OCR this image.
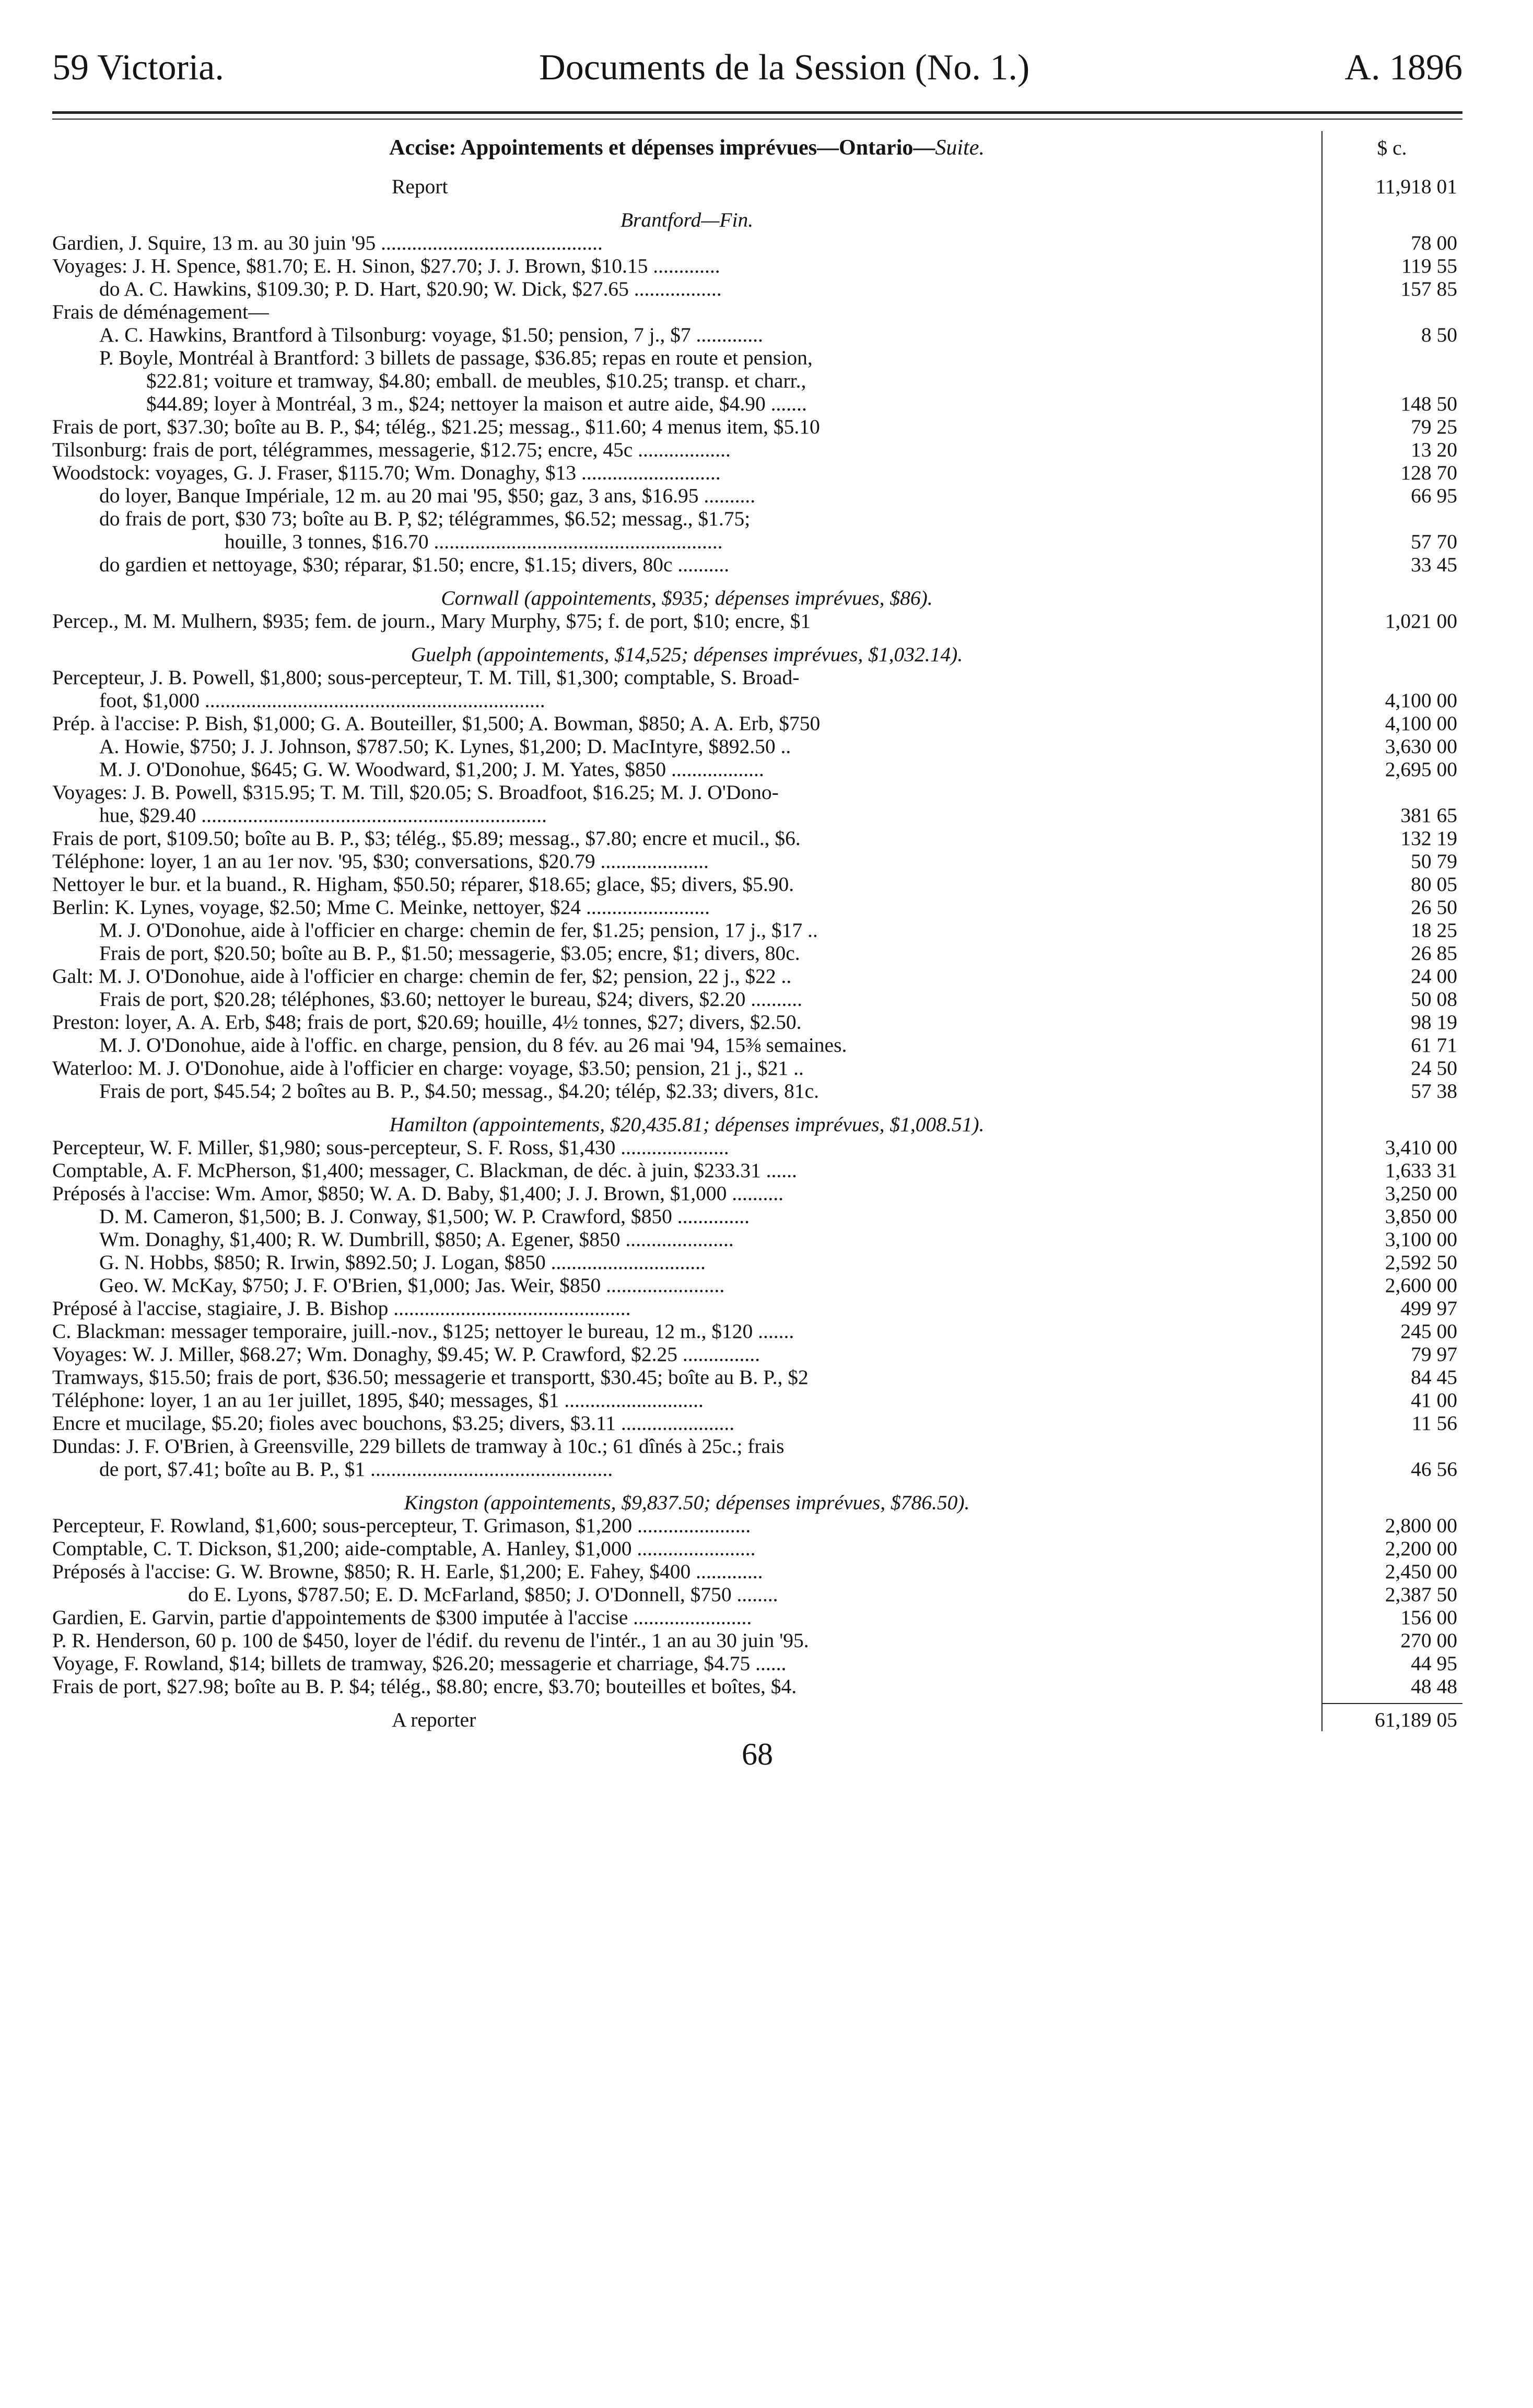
59 Victoria.	Documents de la Session (No. 1.)	A. 1896
Accise: Appointements et dépenses imprévues—Ontario—Suite.	$ c.
Report	11,918 01
Brantford—Fin.
Gardien, J. Squire, 13 m. au 30 juin '95 ...........................................	78 00
Voyages: J. H. Spence, $81.70; E. H. Sinon, $27.70; J. J. Brown, $10.15 .............	119 55
do A. C. Hawkins, $109.30; P. D. Hart, $20.90; W. Dick, $27.65 .................	157 85
Frais de déménagement—
A. C. Hawkins, Brantford à Tilsonburg: voyage, $1.50; pension, 7 j., $7 .............	8 50
P. Boyle, Montréal à Brantford: 3 billets de passage, $36.85; repas en route et pension,
$22.81; voiture et tramway, $4.80; emball. de meubles, $10.25; transp. et charr.,
$44.89; loyer à Montréal, 3 m., $24; nettoyer la maison et autre aide, $4.90 .......	148 50
Frais de port, $37.30; boîte au B. P., $4; télég., $21.25; messag., $11.60; 4 menus item, $5.10	79 25
Tilsonburg: frais de port, télégrammes, messagerie, $12.75; encre, 45c ..................	13 20
Woodstock: voyages, G. J. Fraser, $115.70; Wm. Donaghy, $13 ...........................	128 70
do loyer, Banque Impériale, 12 m. au 20 mai '95, $50; gaz, 3 ans, $16.95 ..........	66 95
do frais de port, $30 73; boîte au B. P, $2; télégrammes, $6.52; messag., $1.75;
houille, 3 tonnes, $16.70 ........................................................	57 70
do gardien et nettoyage, $30; réparar, $1.50; encre, $1.15; divers, 80c ..........	33 45
Cornwall (appointements, $935; dépenses imprévues, $86).
Percep., M. M. Mulhern, $935; fem. de journ., Mary Murphy, $75; f. de port, $10; encre, $1	1,021 00
Guelph (appointements, $14,525; dépenses imprévues, $1,032.14).
Percepteur, J. B. Powell, $1,800; sous-percepteur, T. M. Till, $1,300; comptable, S. Broad-
foot, $1,000 ..................................................................	4,100 00
Prép. à l'accise: P. Bish, $1,000; G. A. Bouteiller, $1,500; A. Bowman, $850; A. A. Erb, $750	4,100 00
A. Howie, $750; J. J. Johnson, $787.50; K. Lynes, $1,200; D. MacIntyre, $892.50 ..	3,630 00
M. J. O'Donohue, $645; G. W. Woodward, $1,200; J. M. Yates, $850 ..................	2,695 00
Voyages: J. B. Powell, $315.95; T. M. Till, $20.05; S. Broadfoot, $16.25; M. J. O'Dono-
hue, $29.40 ...................................................................	381 65
Frais de port, $109.50; boîte au B. P., $3; télég., $5.89; messag., $7.80; encre et mucil., $6.	132 19
Téléphone: loyer, 1 an au 1er nov. '95, $30; conversations, $20.79 .....................	50 79
Nettoyer le bur. et la buand., R. Higham, $50.50; réparer, $18.65; glace, $5; divers, $5.90.	80 05
Berlin: K. Lynes, voyage, $2.50; Mme C. Meinke, nettoyer, $24 ........................	26 50
M. J. O'Donohue, aide à l'officier en charge: chemin de fer, $1.25; pension, 17 j., $17 ..	18 25
Frais de port, $20.50; boîte au B. P., $1.50; messagerie, $3.05; encre, $1; divers, 80c.	26 85
Galt: M. J. O'Donohue, aide à l'officier en charge: chemin de fer, $2; pension, 22 j., $22 ..	24 00
Frais de port, $20.28; téléphones, $3.60; nettoyer le bureau, $24; divers, $2.20 ..........	50 08
Preston: loyer, A. A. Erb, $48; frais de port, $20.69; houille, 4½ tonnes, $27; divers, $2.50.	98 19
M. J. O'Donohue, aide à l'offic. en charge, pension, du 8 fév. au 26 mai '94, 15⅜ semaines.	61 71
Waterloo: M. J. O'Donohue, aide à l'officier en charge: voyage, $3.50; pension, 21 j., $21 ..	24 50
Frais de port, $45.54; 2 boîtes au B. P., $4.50; messag., $4.20; télép, $2.33; divers, 81c.	57 38
Hamilton (appointements, $20,435.81; dépenses imprévues, $1,008.51).
Percepteur, W. F. Miller, $1,980; sous-percepteur, S. F. Ross, $1,430 .....................	3,410 00
Comptable, A. F. McPherson, $1,400; messager, C. Blackman, de déc. à juin, $233.31 ......	1,633 31
Préposés à l'accise: Wm. Amor, $850; W. A. D. Baby, $1,400; J. J. Brown, $1,000 ..........	3,250 00
D. M. Cameron, $1,500; B. J. Conway, $1,500; W. P. Crawford, $850 ..............	3,850 00
Wm. Donaghy, $1,400; R. W. Dumbrill, $850; A. Egener, $850 .....................	3,100 00
G. N. Hobbs, $850; R. Irwin, $892.50; J. Logan, $850 ..............................	2,592 50
Geo. W. McKay, $750; J. F. O'Brien, $1,000; Jas. Weir, $850 .......................	2,600 00
Préposé à l'accise, stagiaire, J. B. Bishop ..............................................	499 97
C. Blackman: messager temporaire, juill.-nov., $125; nettoyer le bureau, 12 m., $120 .......	245 00
Voyages: W. J. Miller, $68.27; Wm. Donaghy, $9.45; W. P. Crawford, $2.25 ...............	79 97
Tramways, $15.50; frais de port, $36.50; messagerie et transportt, $30.45; boîte au B. P., $2	84 45
Téléphone: loyer, 1 an au 1er juillet, 1895, $40; messages, $1 ...........................	41 00
Encre et mucilage, $5.20; fioles avec bouchons, $3.25; divers, $3.11 ......................	11 56
Dundas: J. F. O'Brien, à Greensville, 229 billets de tramway à 10c.; 61 dînés à 25c.; frais
de port, $7.41; boîte au B. P., $1 ...............................................	46 56
Kingston (appointements, $9,837.50; dépenses imprévues, $786.50).
Percepteur, F. Rowland, $1,600; sous-percepteur, T. Grimason, $1,200 ......................	2,800 00
Comptable, C. T. Dickson, $1,200; aide-comptable, A. Hanley, $1,000 .......................	2,200 00
Préposés à l'accise: G. W. Browne, $850; R. H. Earle, $1,200; E. Fahey, $400 .............	2,450 00
do E. Lyons, $787.50; E. D. McFarland, $850; J. O'Donnell, $750 ........	2,387 50
Gardien, E. Garvin, partie d'appointements de $300 imputée à l'accise .......................	156 00
P. R. Henderson, 60 p. 100 de $450, loyer de l'édif. du revenu de l'intér., 1 an au 30 juin '95.	270 00
Voyage, F. Rowland, $14; billets de tramway, $26.20; messagerie et charriage, $4.75 ......	44 95
Frais de port, $27.98; boîte au B. P. $4; télég., $8.80; encre, $3.70; bouteilles et boîtes, $4.	48 48
A reporter	61,189 05
68
